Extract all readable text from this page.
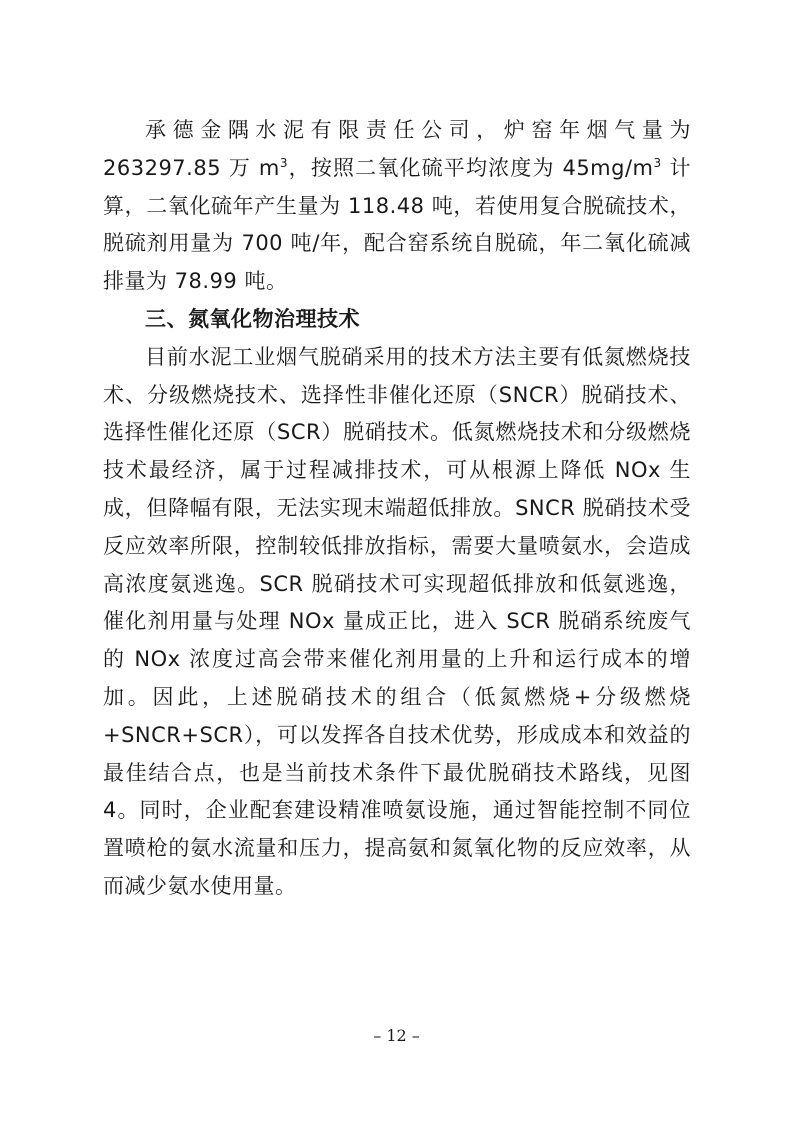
承德金隅水泥有限责任公司，炉窑年烟气量为 263297.85 万 $m^3$，按照二氧化硫平均浓度为 $45mg/m^3$ 计算，二氧化硫年产生量为 118.48 吨，若使用复合脱硫技术，脱硫剂用量为 700 吨/年，配合窑系统自脱硫，年二氧化硫减排量为 78.99 吨。

三、氮氧化物治理技术

目前水泥工业烟气脱硝采用的技术方法主要有低氮燃烧技术、分级燃烧技术、选择性非催化还原（SNCR）脱硝技术、选择性催化还原（SCR）脱硝技术。低氮燃烧技术和分级燃烧技术最经济，属于过程减排技术，可从根源上降低 NOx 生成，但降幅有限，无法实现末端超低排放。SNCR 脱硝技术受反应效率所限，控制较低排放指标，需要大量喷氨水，会造成高浓度氨逃逸。SCR 脱硝技术可实现超低排放和低氨逃逸，催化剂用量与处理 NOx 量成正比，进入 SCR 脱硝系统废气的 NOx 浓度过高会带来催化剂用量的上升和运行成本的增加。因此，上述脱硝技术的组合（低氮燃烧+分级燃烧+SNCR+SCR），可以发挥各自技术优势，形成成本和效益的最佳结合点，也是当前技术条件下最优脱硝技术路线，见图 4。同时，企业配套建设精准喷氨设施，通过智能控制不同位置喷枪的氨水流量和压力，提高氨和氮氧化物的反应效率，从而减少氨水使用量。

– 12 –
